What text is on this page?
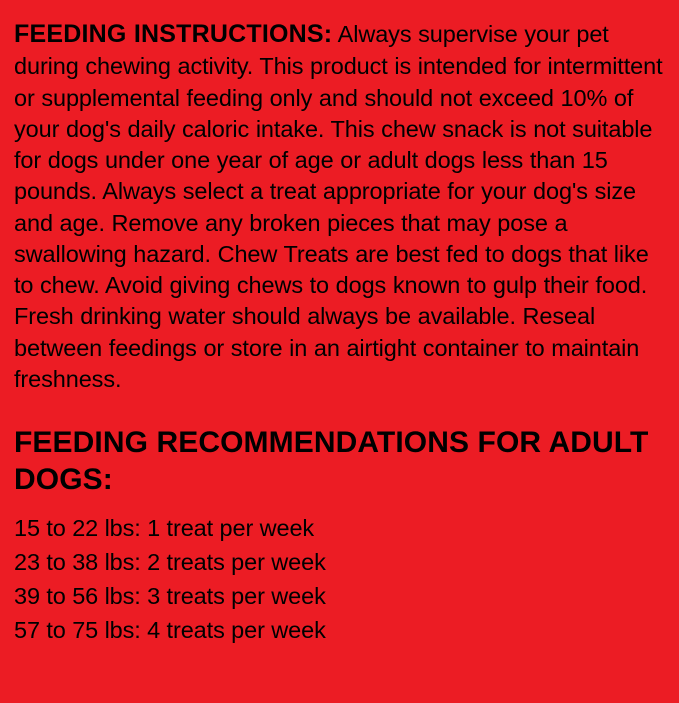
FEEDING INSTRUCTIONS: Always supervise your pet during chewing activity. This product is intended for intermittent or supplemental feeding only and should not exceed 10% of your dog's daily caloric intake. This chew snack is not suitable for dogs under one year of age or adult dogs less than 15 pounds. Always select a treat appropriate for your dog's size and age. Remove any broken pieces that may pose a swallowing hazard. Chew Treats are best fed to dogs that like to chew. Avoid giving chews to dogs known to gulp their food. Fresh drinking water should always be available. Reseal between feedings or store in an airtight container to maintain freshness.

FEEDING RECOMMENDATIONS FOR ADULT DOGS:
15 to 22 lbs: 1 treat per week
23 to 38 lbs: 2 treats per week
39 to 56 lbs: 3 treats per week
57 to 75 lbs: 4 treats per week
